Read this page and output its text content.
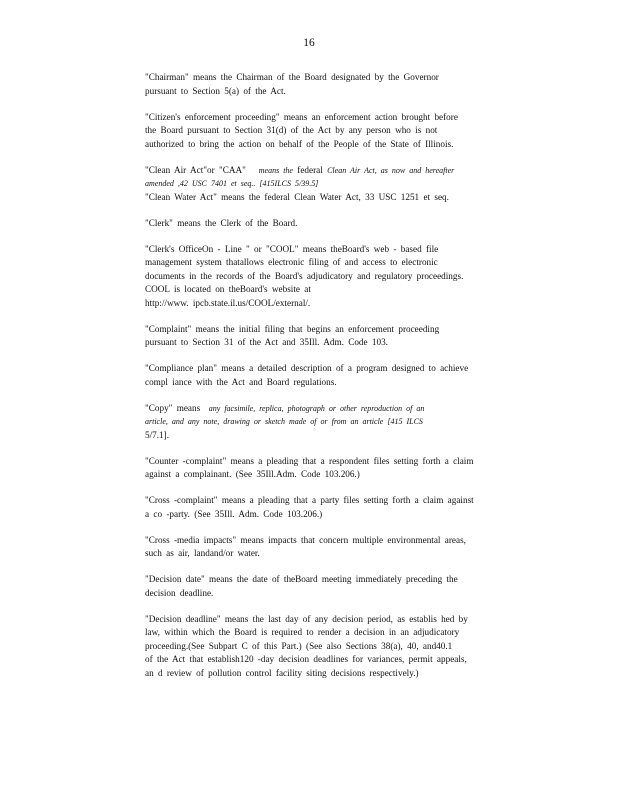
16

"Chairman" means the Chairman of the Board designated by the Governor
pursuant to Section 5(a) of the Act.

"Citizen's enforcement proceeding" means an enforcement action brought before
the Board pursuant to Section 31(d) of the Act by any person who is not
authorized to bring the action on behalf of the People of the State of Illinois.

"Clean Air Act"or "CAA" means the federal Clean Air Act, as now and hereafter
amended ,42 USC 7401 et seq.. [415ILCS 5/39.5]

"Clean Water Act" means the federal Clean Water Act, 33 USC 1251 et seq.

"Clerk" means the Clerk of the Board.

"Clerk's OfficeOn - Line " or "COOL" means theBoard's web - based file
management system thatallows electronic filing of and access to electronic
documents in the records of the Board's adjudicatory and regulatory proceedings.
COOL is located on theBoard's website at
http://www. ipcb.state.il.us/COOL/external/.

"Complaint" means the initial filing that begins an enforcement proceeding
pursuant to Section 31 of the Act and 35Ill. Adm. Code 103.

"Compliance plan" means a detailed description of a program designed to achieve
compl iance with the Act and Board regulations.

"Copy" means any facsimile, replica, photograph or other reproduction of an
article, and any note, drawing or sketch made of or from an article [415 ILCS
5/7.1].

"Counter -complaint" means a pleading that a respondent files setting forth a claim
against a complainant. (See 35Ill.Adm. Code 103.206.)

"Cross -complaint" means a pleading that a party files setting forth a claim against
a co -party. (See 35Ill. Adm. Code 103.206.)

"Cross -media impacts" means impacts that concern multiple environmental areas,
such as air, landand/or water.

"Decision date" means the date of theBoard meeting immediately preceding the
decision deadline.

"Decision deadline" means the last day of any decision period, as establis hed by
law, within which the Board is required to render a decision in an adjudicatory
proceeding.(See Subpart C of this Part.) (See also Sections 38(a), 40, and40.1
of the Act that establish120 -day decision deadlines for variances, permit appeals,
an d review of pollution control facility siting decisions respectively.)
